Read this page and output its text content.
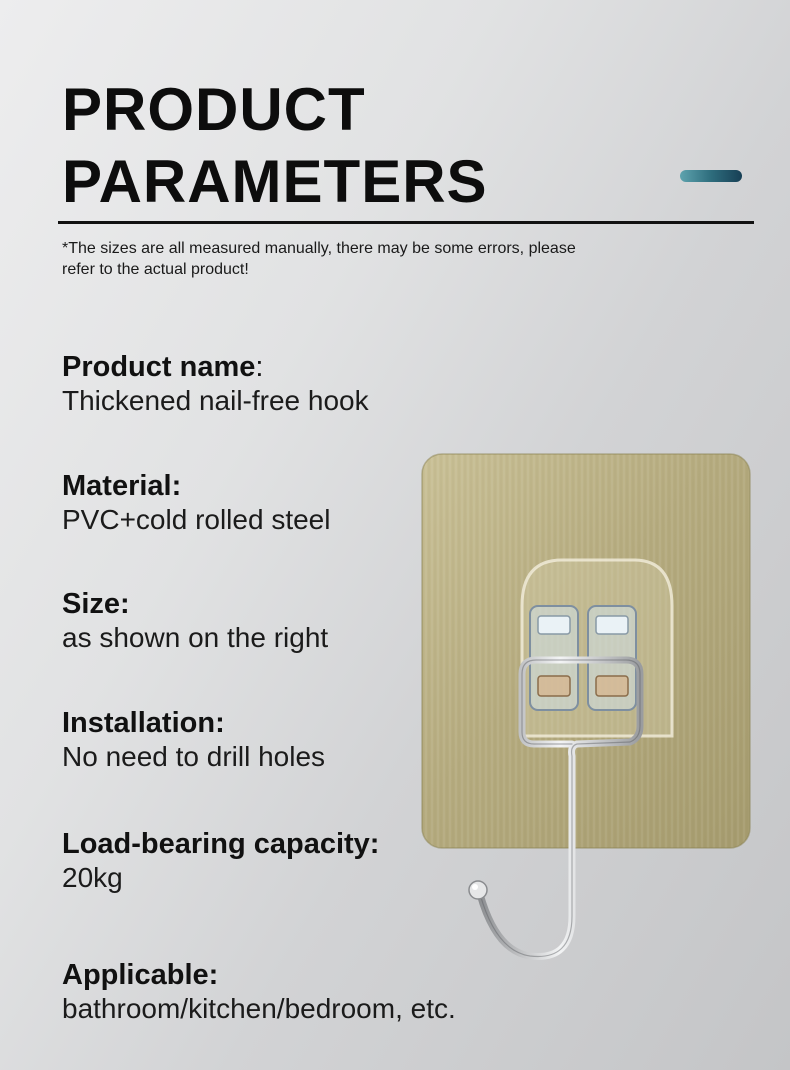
PRODUCT
PARAMETERS
*The sizes are all measured manually, there may be some errors, please refer to the actual product!
Product name:
Thickened nail-free hook
Material:
PVC+cold rolled steel
Size:
as shown on the right
Installation:
No need to drill holes
Load-bearing capacity:
20kg
Applicable:
bathroom/kitchen/bedroom, etc.
